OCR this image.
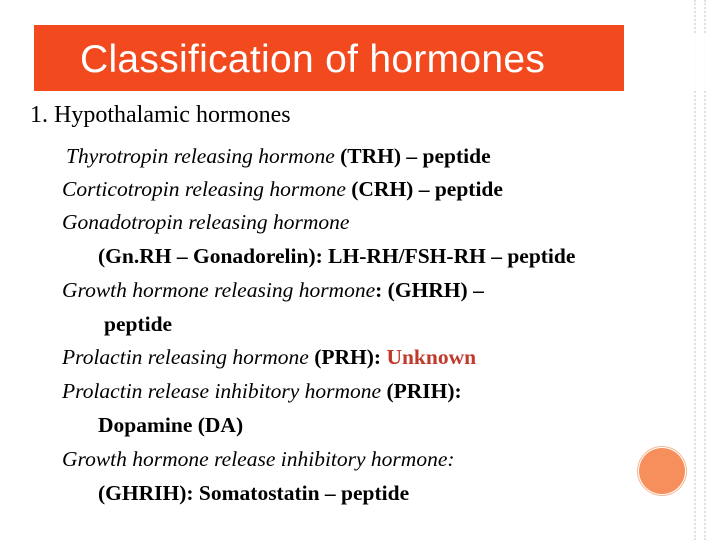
Classification of hormones
1. Hypothalamic hormones
Thyrotropin releasing hormone (TRH) – peptide
Corticotropin releasing hormone (CRH) – peptide
Gonadotropin releasing hormone
(Gn.RH – Gonadorelin): LH-RH/FSH-RH – peptide
Growth hormone releasing hormone: (GHRH) –
peptide
Prolactin releasing hormone (PRH): Unknown
Prolactin release inhibitory hormone (PRIH):
Dopamine (DA)
Growth hormone release inhibitory hormone:
(GHRIH): Somatostatin – peptide
